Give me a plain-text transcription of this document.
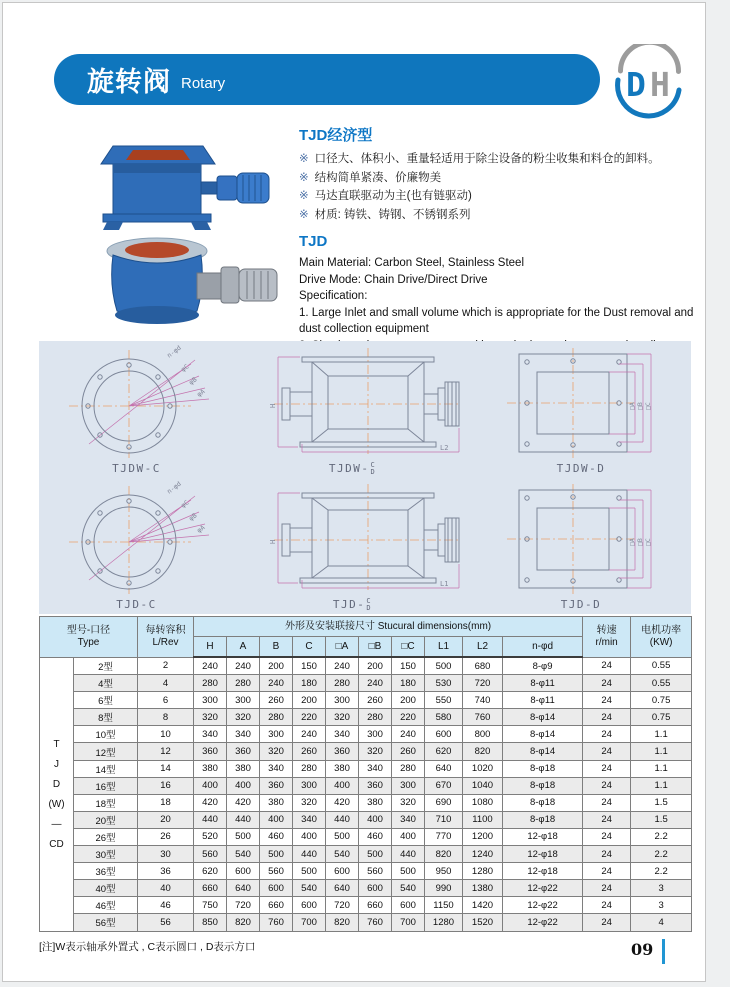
旋转阀 Rotary	D H
TJD经济型
※ 口径大、体积小、重量轻适用于除尘设备的粉尘收集和料仓的卸料。
※ 结构简单紧凑、价廉物美
※ 马达直联驱动为主(也有链驱动)
※ 材质: 铸铁、铸钢、不锈钢系列
TJD
Main Material: Carbon Steel, Stainless Steel
Drive Mode: Chain Drive/Direct Drive
Specification:
1. Large Inlet and small volume which is appropriate for the Dust removal and dust collection equipment
n-φd
φC
φB
φA
TJDW-C
H
L2
TJDW- C
D
□A □B □C
TJDW-D
n-φd
φC
φB
φA
TJD-C
H
L1
TJD- C
D
□A □B □C
TJD-D
型号-口径
Type

每转容积
L/Rev
	外形及安装联接尺寸 Stucural dimensions(mm)	转速
r/min

电机功率
(KW)

			H	A	B	C	□A	□B	□C	L1	L2	n-φd		

T
J
D
(W)
—
CD
	2型	2	240	240	200	150	240	200	150	500	680	8-φ9	24	0.55
	4型	4	280	280	240	180	280	240	180	530	720	8-φ11	24	0.55
	6型	6	300	300	260	200	300	260	200	550	740	8-φ11	24	0.75
	8型	8	320	320	280	220	320	280	220	580	760	8-φ14	24	0.75
	10型	10	340	340	300	240	340	300	240	600	800	8-φ14	24	1.1
	12型	12	360	360	320	260	360	320	260	620	820	8-φ14	24	1.1
	14型	14	380	380	340	280	380	340	280	640	1020	8-φ18	24	1.1
	16型	16	400	400	360	300	400	360	300	670	1040	8-φ18	24	1.1
	18型	18	420	420	380	320	420	380	320	690	1080	8-φ18	24	1.5
	20型	20	440	440	400	340	440	400	340	710	1100	8-φ18	24	1.5
	26型	26	520	500	460	400	500	460	400	770	1200	12-φ18	24	2.2
	30型	30	560	540	500	440	540	500	440	820	1240	12-φ18	24	2.2
	36型	36	620	600	560	500	600	560	500	950	1280	12-φ18	24	2.2
	40型	40	660	640	600	540	640	600	540	990	1380	12-φ22	24	3
	46型	46	750	720	660	600	720	660	600	1150	1420	12-φ22	24	3
	56型	56	850	820	760	700	820	760	700	1280	1520	12-φ22	24	4
[注]W表示轴承外置式 , C表示圆口 , D表示方口	09
